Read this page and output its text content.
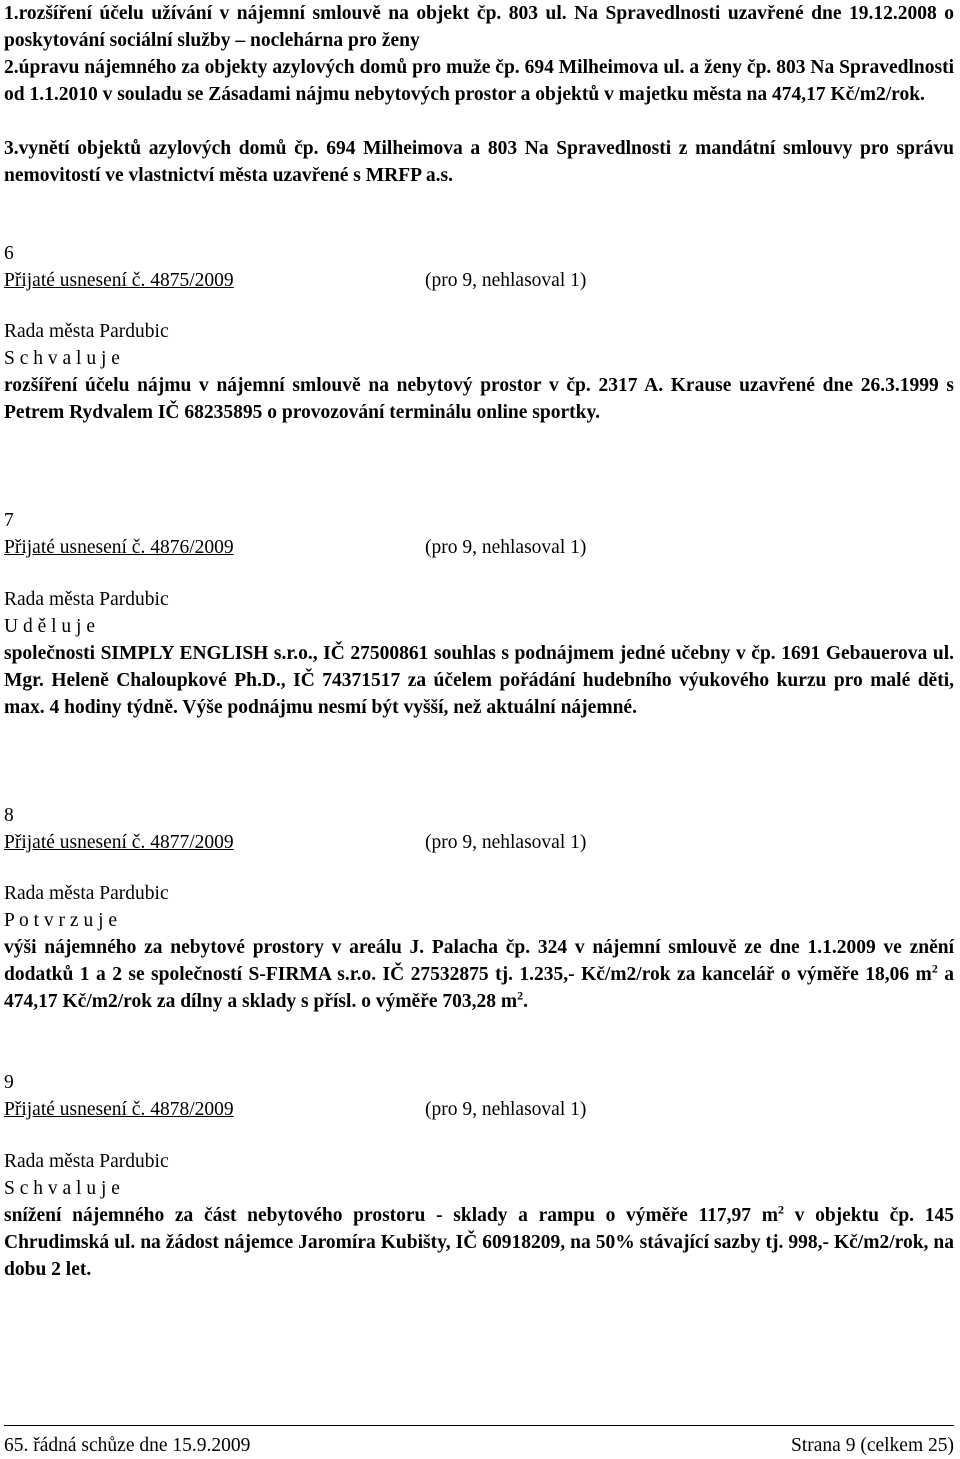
1.rozšíření účelu užívání v nájemní smlouvě na objekt čp. 803 ul. Na Spravedlnosti uzavřené dne 19.12.2008 o poskytování sociální služby – noclehárna pro ženy
2.úpravu nájemného za objekty azylových domů pro muže čp. 694 Milheimova ul. a ženy čp. 803 Na Spravedlnosti od 1.1.2010 v souladu se Zásadami nájmu nebytových prostor a objektů v majetku města na 474,17 Kč/m2/rok.
3.vynětí objektů azylových domů čp. 694 Milheimova a 803 Na Spravedlnosti z mandátní smlouvy pro správu nemovitostí ve vlastnictví města uzavřené s MRFP a.s.
6
Přijaté usnesení č. 4875/2009	(pro 9, nehlasoval 1)
Rada města Pardubic
S c h v a l u j e
rozšíření účelu nájmu v nájemní smlouvě na nebytový prostor v čp. 2317 A. Krause uzavřené dne 26.3.1999 s Petrem Rydvalem IČ 68235895 o provozování terminálu online sportky.
7
Přijaté usnesení č. 4876/2009	(pro 9, nehlasoval 1)
Rada města Pardubic
U d ě l u j e
společnosti SIMPLY ENGLISH s.r.o., IČ 27500861 souhlas s podnájmem jedné učebny v čp. 1691 Gebauerova ul. Mgr. Heleně Chaloupkové Ph.D., IČ 74371517 za účelem pořádání hudebního výukového kurzu pro malé děti, max. 4 hodiny týdně. Výše podnájmu nesmí být vyšší, než aktuální nájemné.
8
Přijaté usnesení č. 4877/2009	(pro 9, nehlasoval 1)
Rada města Pardubic
P o t v r z u j e
výši nájemného za nebytové prostory v areálu J. Palacha čp. 324 v nájemní smlouvě ze dne 1.1.2009 ve znění dodatků 1 a 2 se společností S-FIRMA s.r.o. IČ 27532875 tj. 1.235,- Kč/m2/rok za kancelář o výměře 18,06 $m^2$ a 474,17 Kč/m2/rok za dílny a sklady s přísl. o výměře 703,28 $m^2$.
9
Přijaté usnesení č. 4878/2009	(pro 9, nehlasoval 1)
Rada města Pardubic
S c h v a l u j e
snížení nájemného za část nebytového prostoru - sklady a rampu o výměře 117,97 $m^2$ v objektu čp. 145 Chrudimská ul. na žádost nájemce Jaromíra Kubišty, IČ 60918209, na 50% stávající sazby tj. 998,- Kč/m2/rok, na dobu 2 let.
65. řádná schůze dne 15.9.2009	Strana 9 (celkem 25)
